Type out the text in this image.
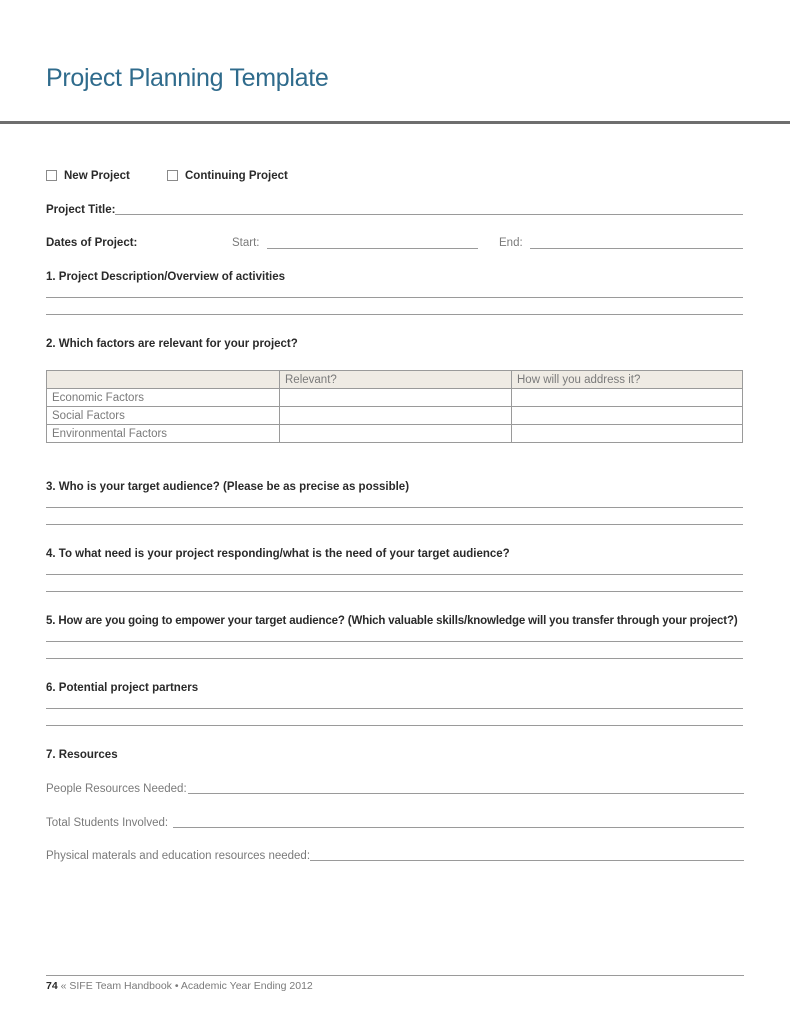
Project Planning Template
New Project	Continuing Project
Project Title:
Dates of Project:	Start:	End:
1. Project Description/Overview of activities
2. Which factors are relevant for your project?
	Relevant?	How will you address it?
Economic Factors		
Social Factors		
Environmental Factors		
3. Who is your target audience? (Please be as precise as possible)
4. To what need is your project responding/what is the need of your target audience?
5. How are you going to empower your target audience? (Which valuable skills/knowledge will you transfer through your project?)
6. Potential project partners
7. Resources
People Resources Needed:
Total Students Involved:
Physical materals and education resources needed:
74 « SIFE Team Handbook • Academic Year Ending 2012
